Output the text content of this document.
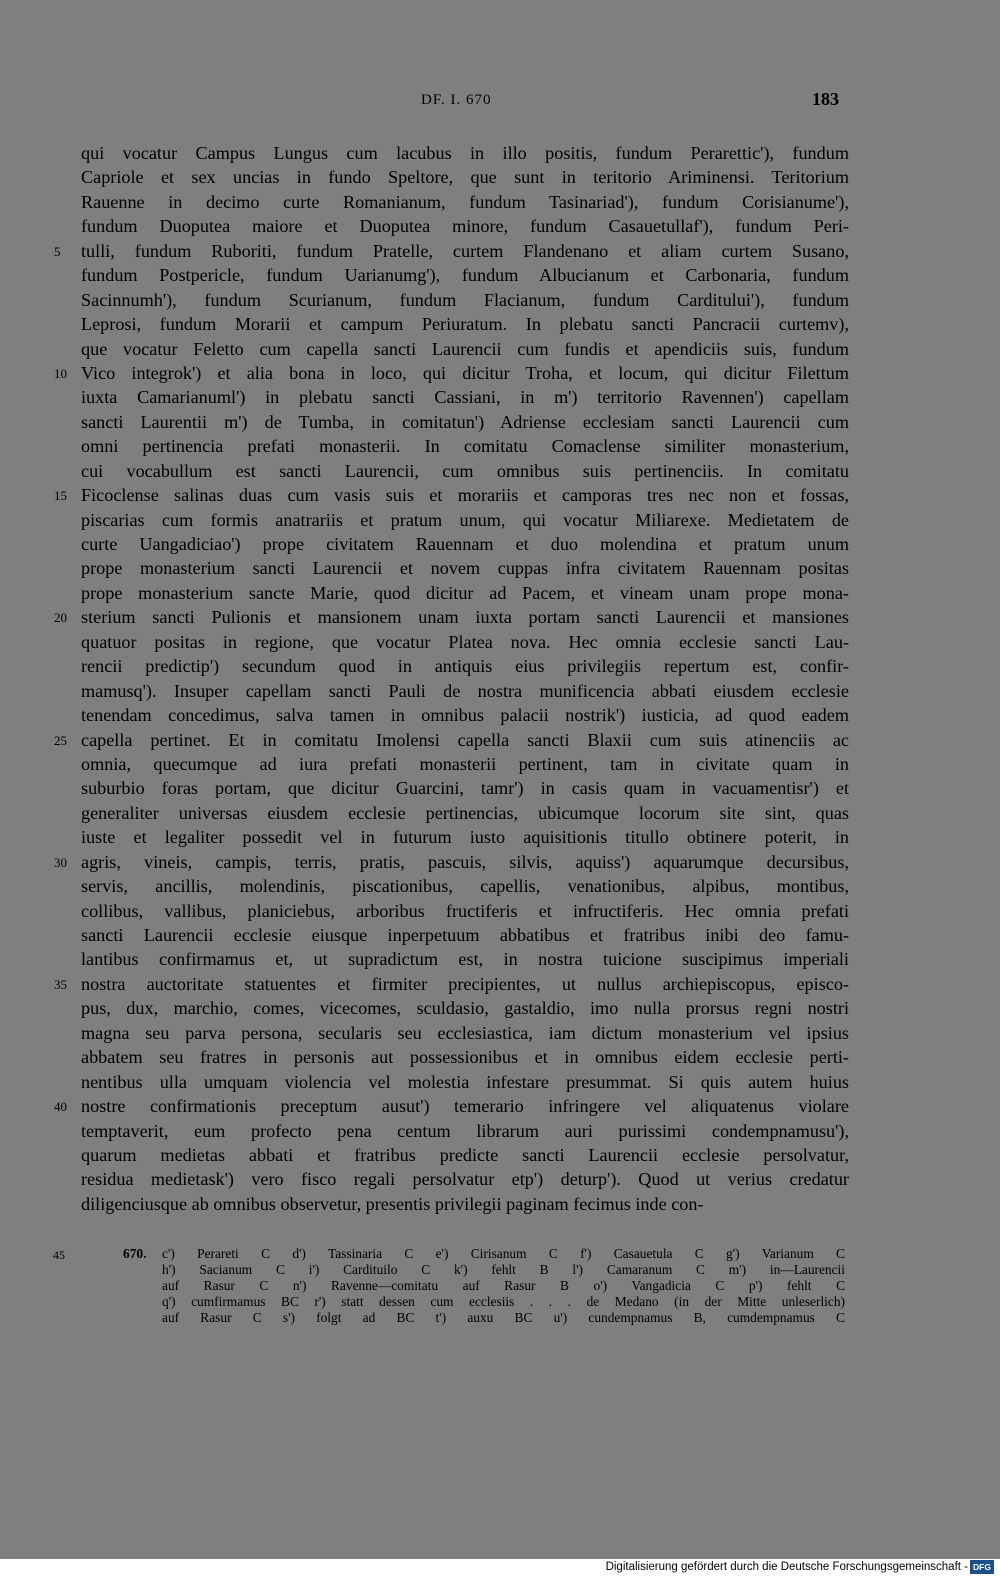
DF. I. 670	183
qui vocatur Campus Lungus cum lacubus in illo positis, fundum Perarettic'), fundum
Capriole et sex uncias in fundo Speltore, que sunt in teritorio Ariminensi. Teritorium
Rauenne in decimo curte Romanianum, fundum Tasinariad'), fundum Corisianume'),
fundum Duoputea maiore et Duoputea minore, fundum Casauetullaf'), fundum Peri-
5 tulli, fundum Ruboriti, fundum Pratelle, curtem Flandenano et aliam curtem Susano,
fundum Postpericle, fundum Uarianumg'), fundum Albucianum et Carbonaria, fundum
Sacinnumh'), fundum Scurianum, fundum Flacianum, fundum Carditului'), fundum
Leprosi, fundum Morarii et campum Periuratum. In plebatu sancti Pancracii curtemv),
que vocatur Feletto cum capella sancti Laurencii cum fundis et apendiciis suis, fundum
10 Vico integrok') et alia bona in loco, qui dicitur Troha, et locum, qui dicitur Filettum
iuxta Camarianuml') in plebatu sancti Cassiani, in m') territorio Ravennen') capellam
sancti Laurentii m') de Tumba, in comitatun') Adriense ecclesiam sancti Laurencii cum
omni pertinencia prefati monasterii. In comitatu Comaclense similiter monasterium,
cui vocabullum est sancti Laurencii, cum omnibus suis pertinenciis. In comitatu
15 Ficoclense salinas duas cum vasis suis et morariis et camporas tres nec non et fossas,
piscarias cum formis anatrariis et pratum unum, qui vocatur Miliarexe. Medietatem de
curte Uangadiciao') prope civitatem Rauennam et duo molendina et pratum unum
prope monasterium sancti Laurencii et novem cuppas infra civitatem Rauennam positas
prope monasterium sancte Marie, quod dicitur ad Pacem, et vineam unam prope mona-
20 sterium sancti Pulionis et mansionem unam iuxta portam sancti Laurencii et mansiones
quatuor positas in regione, que vocatur Platea nova. Hec omnia ecclesie sancti Lau-
rencii predictip') secundum quod in antiquis eius privilegiis repertum est, confir-
mamusq'). Insuper capellam sancti Pauli de nostra munificencia abbati eiusdem ecclesie
tenendam concedimus, salva tamen in omnibus palacii nostrik') iusticia, ad quod eadem
25 capella pertinet. Et in comitatu Imolensi capella sancti Blaxii cum suis atinenciis ac
omnia, quecumque ad iura prefati monasterii pertinent, tam in civitate quam in
suburbio foras portam, que dicitur Guarcini, tamr') in casis quam in vacuamentisr') et
generaliter universas eiusdem ecclesie pertinencias, ubicumque locorum site sint, quas
iuste et legaliter possedit vel in futurum iusto aquisitionis titullo obtinere poterit, in
30 agris, vineis, campis, terris, pratis, pascuis, silvis, aquiss') aquarumque decursibus,
servis, ancillis, molendinis, piscationibus, capellis, venationibus, alpibus, montibus,
collibus, vallibus, planiciebus, arboribus fructiferis et infructiferis. Hec omnia prefati
sancti Laurencii ecclesie eiusque inperpetuum abbatibus et fratribus inibi deo famu-
lantibus confirmamus et, ut supradictum est, in nostra tuicione suscipimus imperiali
35 nostra auctoritate statuentes et firmiter precipientes, ut nullus archiepiscopus, episco-
pus, dux, marchio, comes, vicecomes, sculdasio, gastaldio, imo nulla prorsus regni nostri
magna seu parva persona, secularis seu ecclesiastica, iam dictum monasterium vel ipsius
abbatem seu fratres in personis aut possessionibus et in omnibus eidem ecclesie perti-
nentibus ulla umquam violencia vel molestia infestare presummat. Si quis autem huius
40 nostre confirmationis preceptum ausut') temerario infringere vel aliquatenus violare
temptaverit, eum profecto pena centum librarum auri purissimi condempnamusu'),
quarum medietas abbati et fratribus predicte sancti Laurencii ecclesie persolvatur,
residua medietask') vero fisco regali persolvatur etp') deturp'). Quod ut verius credatur
diligenciusque ab omnibus observetur, presentis privilegii paginam fecimus inde con-
45	670. c') Perareti C d') Tassinaria C e') Cirisanum C f') Casauetula C g') Varianum C
h') Sacianum C i') Cardituilo C k') fehlt B l') Camaranum C m') in—Laurencii
auf Rasur C n') Ravenne—comitatu auf Rasur B o') Vangadicia C p') fehlt C
q') cumfirmamus BC r') statt dessen cum ecclesiis . . . de Medano (in der Mitte unleserlich)
auf Rasur C s') folgt ad BC t') auxu BC u') cundempnamus B, cumdempnamus C
Digitalisierung gefördert durch die Deutsche Forschungsgemeinschaft - DFG
